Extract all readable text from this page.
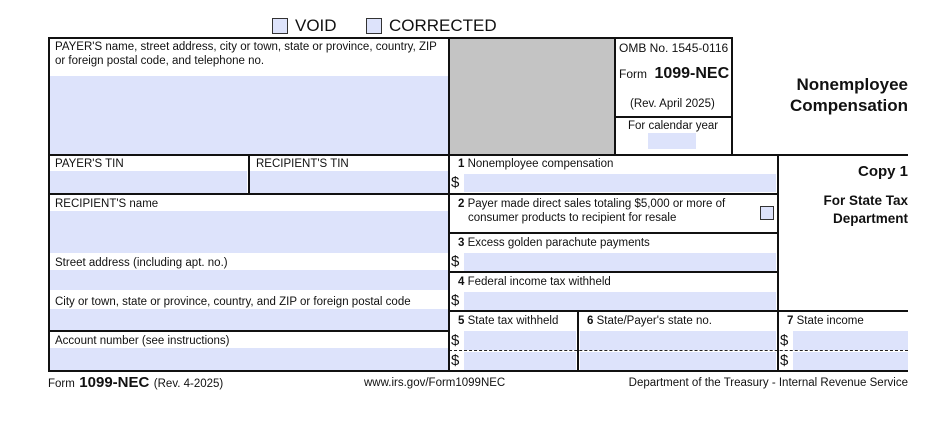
VOID	CORRECTED
PAYER'S name, street address, city or town, state or province, country, ZIP or foreign postal code, and telephone no.
OMB No. 1545-0116
Form 1099-NEC
(Rev. April 2025)
For calendar year
Nonemployee
Compensation
Copy 1
For State Tax
Department
PAYER'S TIN	RECIPIENT'S TIN
RECIPIENT'S name
Street address (including apt. no.)
City or town, state or province, country, and ZIP or foreign postal code
Account number (see instructions)
1 Nonemployee compensation
$
2 Payer made direct sales totaling $5,000 or more of
consumer products to recipient for resale
3 Excess golden parachute payments
$
4 Federal income tax withheld
$
5 State tax withheld
$
$
6 State/Payer's state no.	7 State income
$
$
Form 1099-NEC (Rev. 4-2025)	www.irs.gov/Form1099NEC	Department of the Treasury - Internal Revenue Service
